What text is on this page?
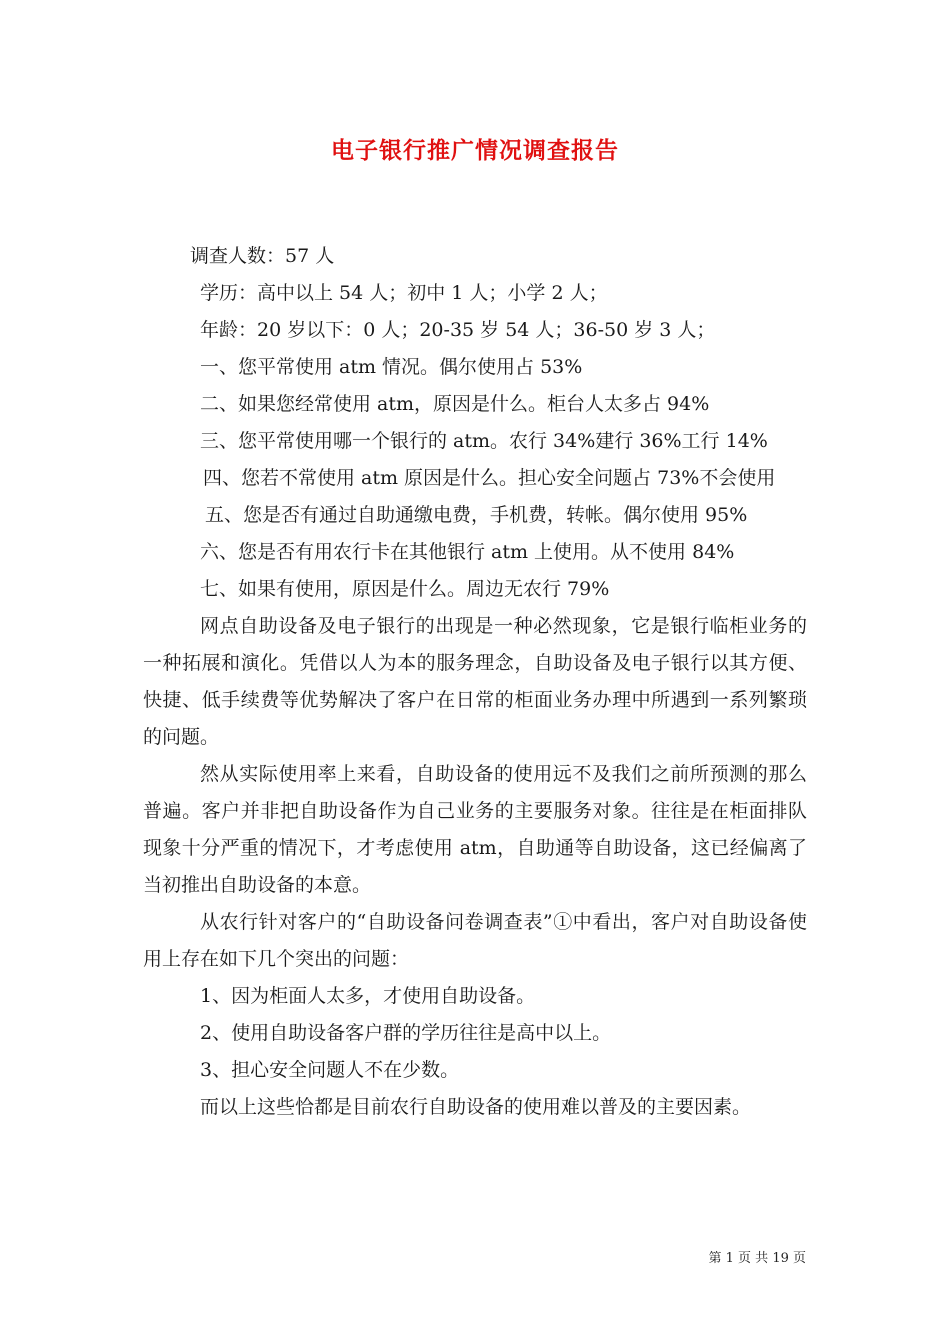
电子银行推广情况调查报告

调查人数：57 人

学历：高中以上 54 人；初中 1 人；小学 2 人；

年龄：20 岁以下：0 人；20-35 岁 54 人；36-50 岁 3 人；

一、您平常使用 atm 情况。偶尔使用占 53%

二、如果您经常使用 atm，原因是什么。柜台人太多占 94%

三、您平常使用哪一个银行的 atm。农行 34%建行 36%工行 14%

四、您若不常使用 atm 原因是什么。担心安全问题占 73%不会使用

五、您是否有通过自助通缴电费，手机费，转帐。偶尔使用 95%

六、您是否有用农行卡在其他银行 atm 上使用。从不使用 84%

七、如果有使用，原因是什么。周边无农行 79%

网点自助设备及电子银行的出现是一种必然现象，它是银行临柜业务的一种拓展和演化。凭借以人为本的服务理念，自助设备及电子银行以其方便、快捷、低手续费等优势解决了客户在日常的柜面业务办理中所遇到一系列繁琐的问题。

然从实际使用率上来看，自助设备的使用远不及我们之前所预测的那么普遍。客户并非把自助设备作为自己业务的主要服务对象。往往是在柜面排队现象十分严重的情况下，才考虑使用 atm，自助通等自助设备，这已经偏离了当初推出自助设备的本意。

从农行针对客户的“自助设备问卷调查表”①中看出，客户对自助设备使用上存在如下几个突出的问题：

1、因为柜面人太多，才使用自助设备。

2、使用自助设备客户群的学历往往是高中以上。

3、担心安全问题人不在少数。

而以上这些恰都是目前农行自助设备的使用难以普及的主要因素。

第 1 页 共 19 页
